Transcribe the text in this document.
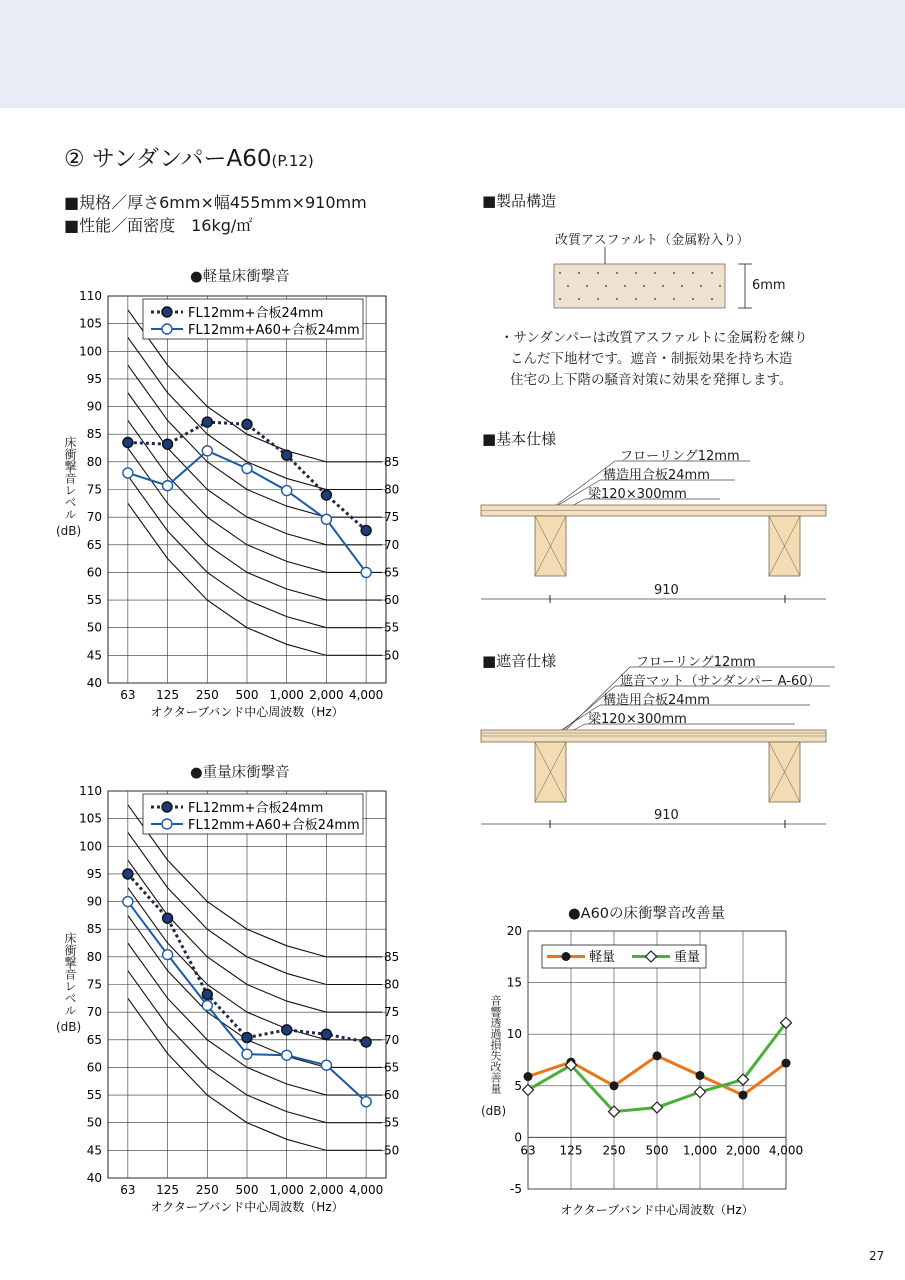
② サンダンパーA60(P.12)
■規格／厚さ6mm×幅455mm×910mm
■性能／面密度　16kg/㎡
●軽量床衝撃音
●重量床衝撃音
床衝撃音レベル
(dB)
床衝撃音レベル
(dB)
40
45
50
55
60
65
70
75
80
85
90
95
100
105
110
63 125 250 500 1,000 2,000 4,000
オクターブバンド中心周波数（Hz）
85
80
75
70
65
60
55
50
FL12mm+合板24mm
FL12mm+A60+合板24mm
40
45
50
55
60
65
70
75
80
85
90
95
100
105
110
63 125 250 500 1,000 2,000 4,000
オクターブバンド中心周波数（Hz）
85
80
75
70
65
60
55
50
FL12mm+合板24mm
FL12mm+A60+合板24mm
-5
0
5
10
15
20
63 125 250 500 1,000 2,000 4,000
オクターブバンド中心周波数（Hz）
軽量	重量
■製品構造
改質アスファルト（金属粉入り）
6mm
・サンダンパーは改質アスファルトに金属粉を練り
こんだ下地材です。遮音・制振効果を持ち木造
住宅の上下階の騒音対策に効果を発揮します。
■基本仕様
フローリング12mm
構造用合板24mm
梁120×300mm
910
■遮音仕様	フローリング12mm
遮音マット（サンダンパー A-60）
構造用合板24mm
梁120×300mm
910
●A60の床衝撃音改善量
音響透過損失改善量
(dB)
27
